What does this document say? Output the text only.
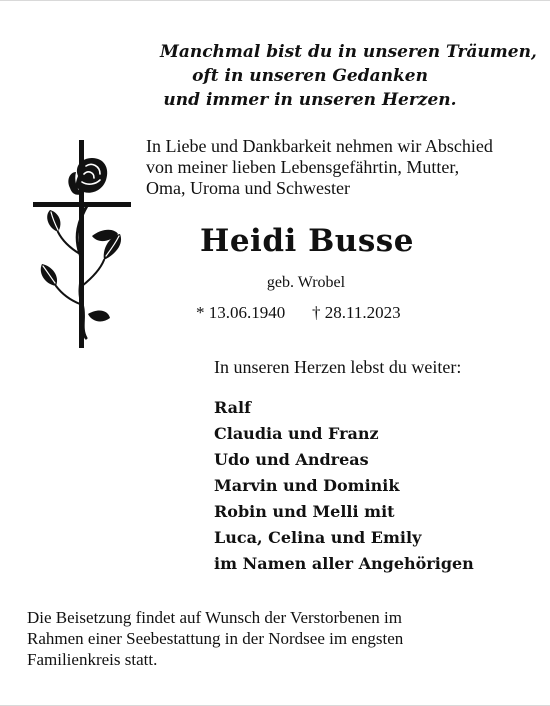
Manchmal bist du in unseren Träumen,
oft in unseren Gedanken
und immer in unseren Herzen.
In Liebe und Dankbarkeit nehmen wir Abschied
von meiner lieben Lebensgefährtin, Mutter,
Oma, Uroma und Schwester
Heidi Busse
geb. Wrobel
* 13.06.1940 † 28.11.2023
In unseren Herzen lebst du weiter:
Ralf
Claudia und Franz
Udo und Andreas
Marvin und Dominik
Robin und Melli mit
Luca, Celina und Emily
im Namen aller Angehörigen
Die Beisetzung findet auf Wunsch der Verstorbenen im
Rahmen einer Seebestattung in der Nordsee im engsten
Familienkreis statt.
